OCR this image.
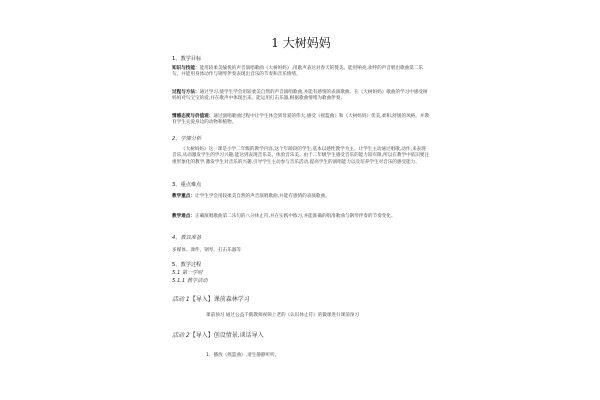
1 大树妈妈
1、教学目标
知识与技能：能用较柔美愉悦的声音演唱歌曲《大树妈妈》,用歌声表达对春天的赞美。能用响亮,欢呼的声音唱出歌曲第二乐句。并能用身体动作与钢琴伴奏表现出音乐的节奏和音乐情绪。
过程与方法：通过学习,使学生学会用较柔美自然的声音演唱歌曲,并能有感情的表演歌曲。在《大树妈妈》歌曲的学习中感受树妈妈对鸟宝宝的爱,并在歌声中体现出来。能运用打击乐器,根据歌曲情绪为歌曲伴奏。
情感态度与价值观：通过演唱歌曲过程中让学生体会到母爱的伟大,感受《摇篮曲》和《大树妈妈》优美,柔和,舒缓的风格。并教育学生关爱身边的动物和植物。
2、学情分析
《大树妈妈》这一课是小学二年级的教学内容,这个年龄段的学生,基本以感性教学为主。让学生主动通过唱歌,动作,来表现音乐,从而激发学生的学习兴趣,能达到表现音乐美、体验音乐美。由于二年级学生感受音乐的能力较有限,所以在教学中依旧要注重形象化的教学,激发学生对音乐的兴趣,引导学生主动参与音乐活动,提高学生的演唱能力以及培养学生对音乐的感受能力。
3、重点难点
教学重点：让学生学会用较柔美自然的声音演唱歌曲,并能有感情的表演歌曲。
教学难点：正确演唱歌曲第二乐句的八分休止符,并在实践中练习,并能准确的唱准歌曲与钢琴伴奏的节奏变化。
4、教具准备
多媒体、课件、钢琴、打击乐器等
5、教学过程
5.1 第一学时
5.1.1 教学活动
活动 1【导入】课前森林学习
课前预习 通过公益千鹤教师视频上老的《认识休止符》的微课进行课前预习
活动 2【导入】创设情景,谈话导入
1、播放《摇篮曲》,请生静静听听。
